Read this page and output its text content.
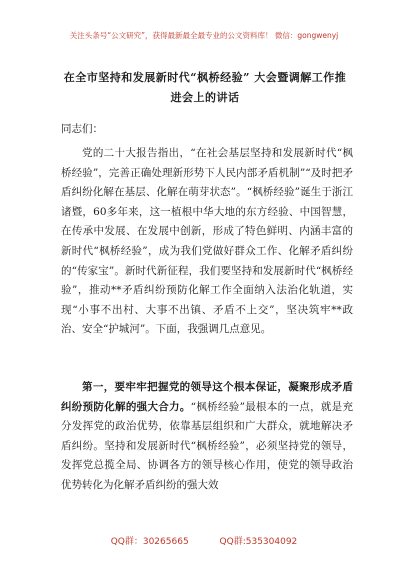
关注头条号“公文研究”，获得最新最全最专业的公文资料库！ 微信：gongwenyj
在全市坚持和发展新时代“枫桥经验” 大会暨调解工作推
进会上的讲话
同志们：

党的二十大报告指出，“在社会基层坚持和发展新时代“枫桥经验”，完善正确处理新形势下人民内部矛盾机制”“及时把矛盾纠纷化解在基层、化解在萌芽状态”。“枫桥经验”诞生于浙江诸暨，60多年来，这一植根中华大地的东方经验、中国智慧，在传承中发展、在发展中创新，形成了特色鲜明、内涵丰富的新时代“枫桥经验”，成为我们党做好群众工作、化解矛盾纠纷的“传家宝”。新时代新征程，我们要坚持和发展新时代“枫桥经验”，推动**矛盾纠纷预防化解工作全面纳入法治化轨道，实现“小事不出村、大事不出镇、矛盾不上交”，坚决筑牢**政治、安全“护城河”。下面，我强调几点意见。

第一，要牢牢把握党的领导这个根本保证，凝聚形成矛盾纠纷预防化解的强大合力。“枫桥经验”最根本的一点，就是充分发挥党的政治优势，依靠基层组织和广大群众，就地解决矛盾纠纷。坚持和发展新时代“枫桥经验”，必须坚持党的领导，发挥党总揽全局、协调各方的领导核心作用，使党的领导政治优势转化为化解矛盾纠纷的强大效

QQ群：30265665	QQ群:535304092
